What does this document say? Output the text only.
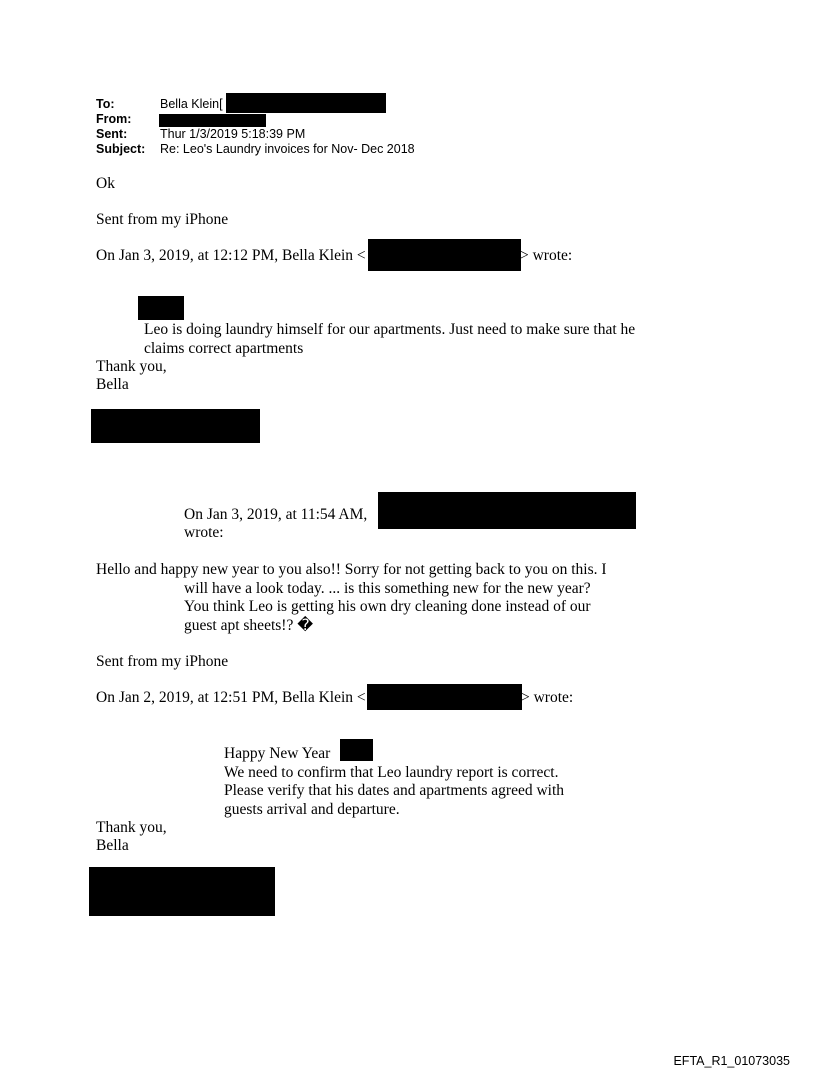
To:	Bella Klein[
From:
Sent:	Thur 1/3/2019 5:18:39 PM
Subject: Re: Leo's Laundry invoices for Nov- Dec 2018
Ok
Sent from my iPhone
On Jan 3, 2019, at 12:12 PM, Bella Klein <	> wrote:
Leo is doing laundry himself for our apartments. Just need to make sure that he
claims correct apartments
Thank you,
Bella
On Jan 3, 2019, at 11:54 AM,
wrote:
Hello and happy new year to you also!! Sorry for not getting back to you on this. I
will have a look today. ... is this something new for the new year?
You think Leo is getting his own dry cleaning done instead of our
guest apt sheets!? �
Sent from my iPhone
On Jan 2, 2019, at 12:51 PM, Bella Klein <	> wrote:
Happy New Year
We need to confirm that Leo laundry report is correct.
Please verify that his dates and apartments agreed with
guests arrival and departure.
Thank you,
Bella
EFTA_R1_01073035
